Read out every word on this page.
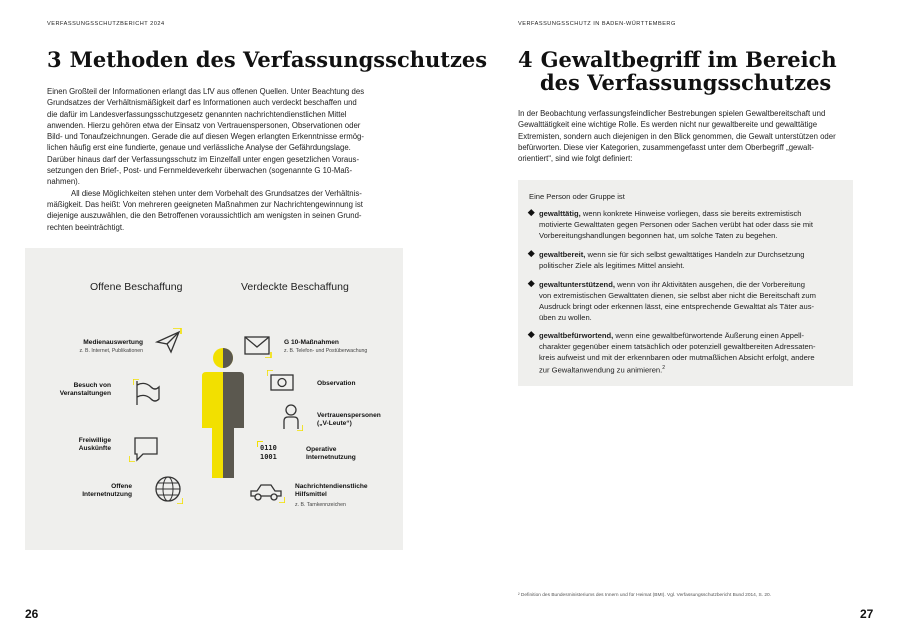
VERFASSUNGSSCHUTZBERICHT 2024
3 Methoden des Verfassungsschutzes

Einen Großteil der Informationen erlangt das LfV aus offenen Quellen. Unter Beachtung des

Grundsatzes der Verhältnismäßigkeit darf es Informationen auch verdeckt beschaffen und

die dafür im Landesverfassungsschutzgesetz genannten nachrichtendienstlichen Mittel

anwenden. Hierzu gehören etwa der Einsatz von Vertrauenspersonen, Observationen oder

Bild- und Tonaufzeichnungen. Gerade die auf diesen Wegen erlangten Erkenntnisse ermög-

lichen häufig erst eine fundierte, genaue und verlässliche Analyse der Gefährdungslage.

Darüber hinaus darf der Verfassungsschutz im Einzelfall unter engen gesetzlichen Voraus-

setzungen den Brief-, Post- und Fernmeldeverkehr überwachen (sogenannte G 10-Maß-

nahmen).

All diese Möglichkeiten stehen unter dem Vorbehalt des Grundsatzes der Verhältnis-

mäßigkeit. Das heißt: Von mehreren geeigneten Maßnahmen zur Nachrichtengewinnung ist

diejenige auszuwählen, die den Betroffenen voraussichtlich am wenigsten in seinen Grund-

rechten beeinträchtigt.

Offene Beschaffung	Verdeckte Beschaffung
Medienauswertung
z. B. Internet, Publikationen
Besuch von
Veranstaltungen
Freiwillige
Auskünfte
Offene
Internetnutzung
G 10-Maßnahmen
z. B. Telefon- und Postüberwachung
Observation
Vertrauenspersonen
(„V-Leute“)
0110
1001
Operative
Internetnutzung
Nachrichtendienstliche
Hilfsmittel
z. B. Tarnkennzeichen
26
VERFASSUNGSSCHUTZ IN BADEN-WÜRTTEMBERG
4 Gewaltbegriff im Bereich
des Verfassungsschutzes

In der Beobachtung verfassungsfeindlicher Bestrebungen spielen Gewaltbereitschaft und

Gewalttätigkeit eine wichtige Rolle. Es werden nicht nur gewaltbereite und gewalttätige

Extremisten, sondern auch diejenigen in den Blick genommen, die Gewalt unterstützen oder

befürworten. Diese vier Kategorien, zusammengefasst unter dem Oberbegriff „gewalt-

orientiert“, sind wie folgt definiert:

Eine Person oder Gruppe ist
gewalttätig, wenn konkrete Hinweise vorliegen, dass sie bereits extremistisch
motivierte Gewalttaten gegen Personen oder Sachen verübt hat oder dass sie mit
Vorbereitungshandlungen begonnen hat, um solche Taten zu begehen.
gewaltbereit, wenn sie für sich selbst gewalttätiges Handeln zur Durchsetzung
politischer Ziele als legitimes Mittel ansieht.
gewaltunterstützend, wenn von ihr Aktivitäten ausgehen, die der Vorbereitung
von extremistischen Gewalttaten dienen, sie selbst aber nicht die Bereitschaft zum
Ausdruck bringt oder erkennen lässt, eine entsprechende Gewalttat als Täter aus-
üben zu wollen.
gewaltbefürwortend, wenn eine gewaltbefürwortende Äußerung einen Appell-
charakter gegenüber einem tatsächlich oder potenziell gewaltbereiten Adressaten-
kreis aufweist und mit der erkennbaren oder mutmaßlichen Absicht erfolgt, andere
zur Gewaltanwendung zu animieren.$^2$
² Definition des Bundesministeriums des Innern und für Heimat (BMI). Vgl. Verfassungsschutzbericht Bund 2014, S. 20.
27
